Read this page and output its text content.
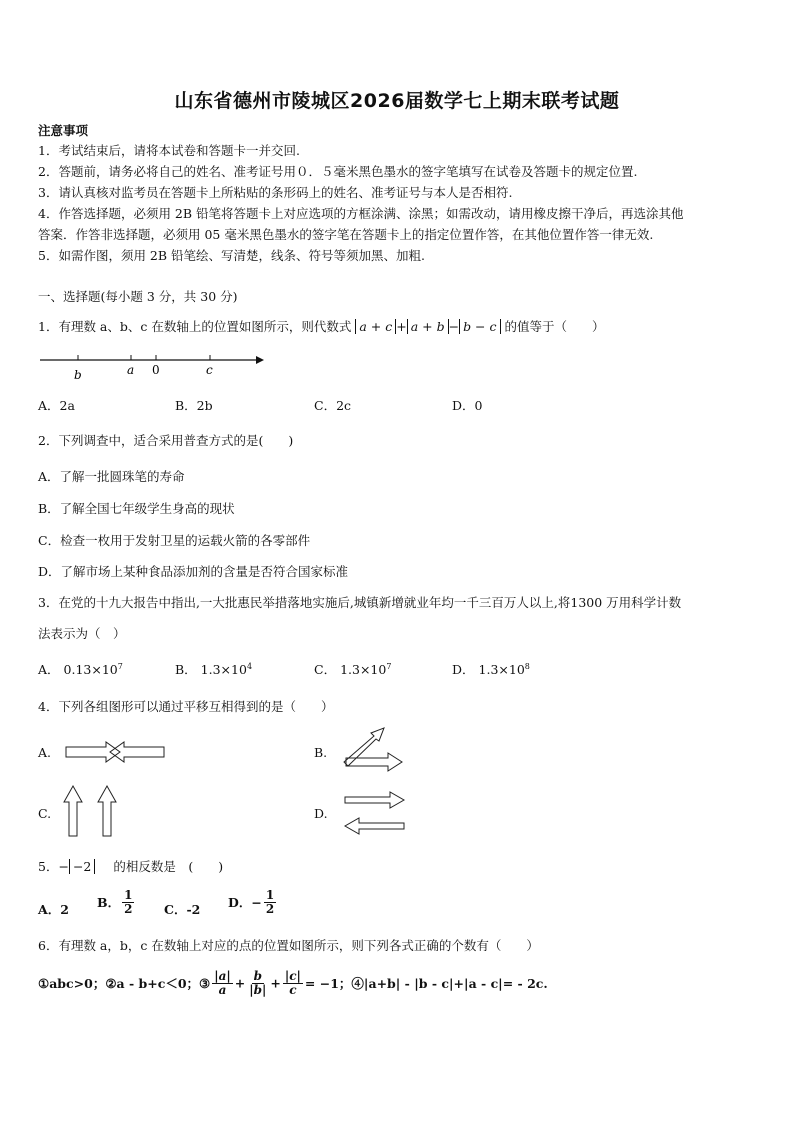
山东省德州市陵城区2026届数学七上期末联考试题
注意事项
1．考试结束后，请将本试卷和答题卡一并交回.
2．答题前，请务必将自己的姓名、准考证号用０．５毫米黑色墨水的签字笔填写在试卷及答题卡的规定位置.
3．请认真核对监考员在答题卡上所粘贴的条形码上的姓名、准考证号与本人是否相符.
4．作答选择题，必须用 2B 铅笔将答题卡上对应选项的方框涂满、涂黑；如需改动，请用橡皮擦干净后，再选涂其他
答案．作答非选择题，必须用 05 毫米黑色墨水的签字笔在答题卡上的指定位置作答，在其他位置作答一律无效.
5．如需作图，须用 2B 铅笔绘、写清楚，线条、符号等须加黑、加粗.
一、选择题(每小题 3 分，共 30 分)
1．有理数 a、b、c 在数轴上的位置如图所示，则代数式 a + c + a + b − b − c 的值等于（　　）
b	a 0	c
A．2a	B．2b	C．2c	D．0
2．下列调查中，适合采用普查方式的是(　　)
A．了解一批圆珠笔的寿命
B．了解全国七年级学生身高的现状
C．检查一枚用于发射卫星的运载火箭的各零部件
D．了解市场上某种食品添加剂的含量是否符合国家标准
3．在党的十九大报告中指出,一大批惠民举措落地实施后,城镇新增就业年均一千三百万人以上,将1300 万用科学计数
法表示为（　）
A． $0.13\times 10^7$	B． $1.3\times 10^4$	C． $1.3\times 10^7$	D． $1.3\times 10^8$
4．下列各组图形可以通过平移互相得到的是（　　）
A.	B.
C.	D.
5．− −2 的相反数是　(　　)
A．2 B． $\frac{1}{2}$ C．-2 D．− $\frac{1}{2}$
6．有理数 a，b，c 在数轴上对应的点的位置如图所示，则下列各式正确的个数有（　　）
①abc>0；②a - b+c＜0；③ $\frac{|a|}{a} + \frac{b}{|b|} + \frac{|c|}{c} = -1$；④|a+b| - |b - c|+|a - c|= - 2c.
